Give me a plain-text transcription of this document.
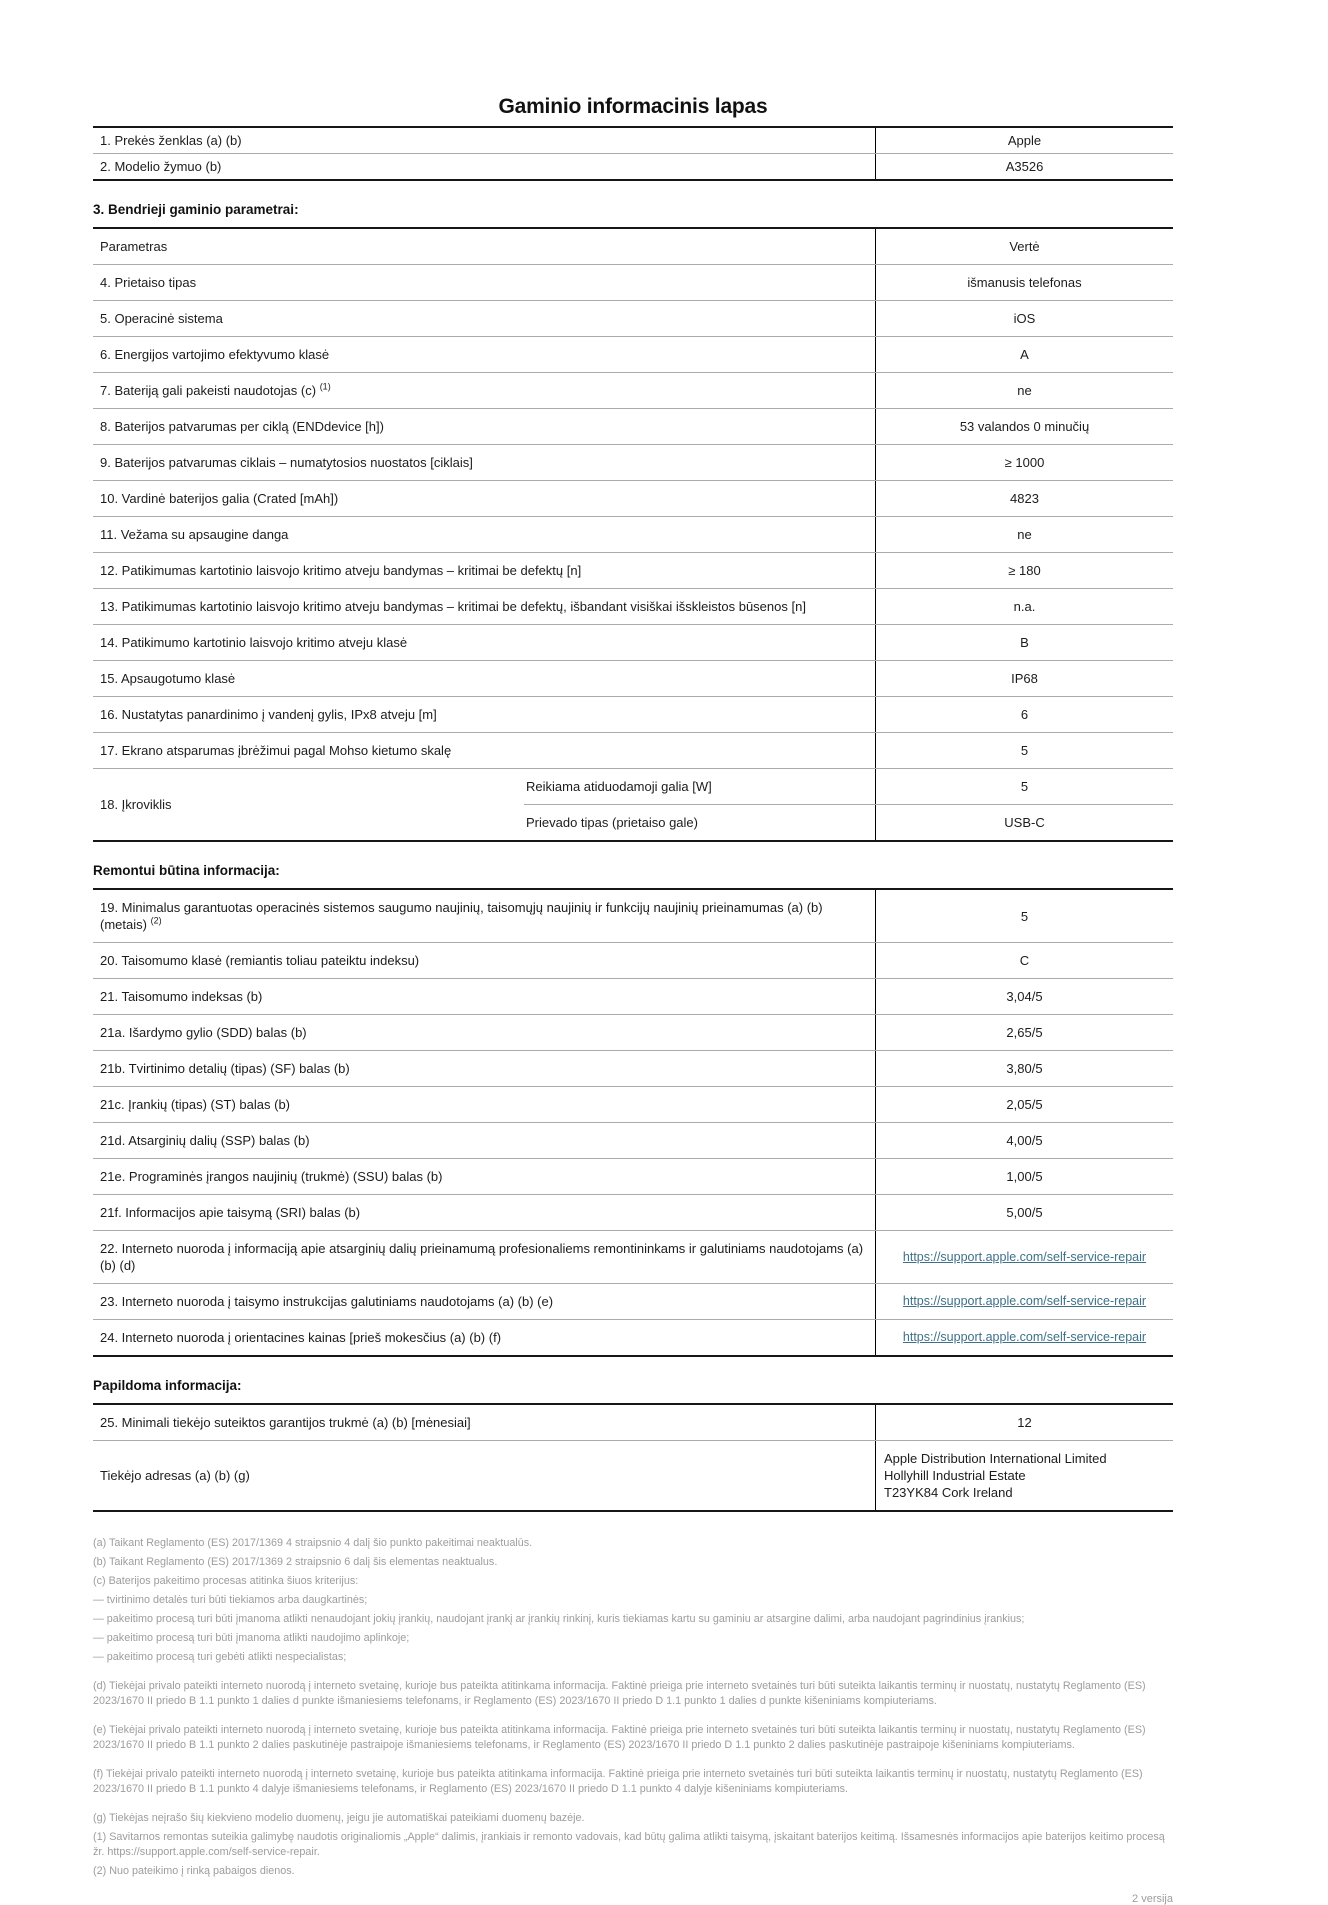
Gaminio informacinis lapas
1. Prekės ženklas (a) (b)	Apple
2. Modelio žymuo (b)	A3526
3. Bendrieji gaminio parametrai:
Parametras	Vertė
4. Prietaiso tipas	išmanusis telefonas
5. Operacinė sistema	iOS
6. Energijos vartojimo efektyvumo klasė	A
7. Bateriją gali pakeisti naudotojas (c) $^{(1)}$	ne
8. Baterijos patvarumas per ciklą (ENDdevice [h])	53 valandos 0 minučių
9. Baterijos patvarumas ciklais – numatytosios nuostatos [ciklais]	≥ 1000
10. Vardinė baterijos galia (Crated [mAh])	4823
11. Vežama su apsaugine danga	ne
12. Patikimumas kartotinio laisvojo kritimo atveju bandymas – kritimai be defektų [n]	≥ 180
13. Patikimumas kartotinio laisvojo kritimo atveju bandymas – kritimai be defektų, išbandant visiškai išskleistos būsenos [n]	n.a.
14. Patikimumo kartotinio laisvojo kritimo atveju klasė	B
15. Apsaugotumo klasė	IP68
16. Nustatytas panardinimo į vandenį gylis, IPx8 atveju [m]	6
17. Ekrano atsparumas įbrėžimui pagal Mohso kietumo skalę	5
18. Įkroviklis
Reikiama atiduodamoji galia [W]	5
Prievado tipas (prietaiso gale)	USB-C
Remontui būtina informacija:
19. Minimalus garantuotas operacinės sistemos saugumo naujinių, taisomųjų naujinių ir funkcijų naujinių prieinamumas (a) (b) (metais) $^{(2)}$	5
20. Taisomumo klasė (remiantis toliau pateiktu indeksu)	C
21. Taisomumo indeksas (b)	3,04/5
21a. Išardymo gylio (SDD) balas (b)	2,65/5
21b. Tvirtinimo detalių (tipas) (SF) balas (b)	3,80/5
21c. Įrankių (tipas) (ST) balas (b)	2,05/5
21d. Atsarginių dalių (SSP) balas (b)	4,00/5
21e. Programinės įrangos naujinių (trukmė) (SSU) balas (b)	1,00/5
21f. Informacijos apie taisymą (SRI) balas (b)	5,00/5
22. Interneto nuoroda į informaciją apie atsarginių dalių prieinamumą profesionaliems remontininkams ir galutiniams naudotojams (a) (b) (d)
https://support.apple.com/self-service-repair
23. Interneto nuoroda į taisymo instrukcijas galutiniams naudotojams (a) (b) (e)	https://support.apple.com/self-service-repair
24. Interneto nuoroda į orientacines kainas [prieš mokesčius (a) (b) (f)	https://support.apple.com/self-service-repair
Papildoma informacija:
25. Minimali tiekėjo suteiktos garantijos trukmė (a) (b) [mėnesiai]	12
Tiekėjo adresas (a) (b) (g)
Apple Distribution International Limited
Hollyhill Industrial Estate
T23YK84 Cork Ireland
(a) Taikant Reglamento (ES) 2017/1369 4 straipsnio 4 dalį šio punkto pakeitimai neaktualūs.
(b) Taikant Reglamento (ES) 2017/1369 2 straipsnio 6 dalį šis elementas neaktualus.
(c) Baterijos pakeitimo procesas atitinka šiuos kriterijus:
— tvirtinimo detalės turi būti tiekiamos arba daugkartinės;
— pakeitimo procesą turi būti įmanoma atlikti nenaudojant jokių įrankių, naudojant įrankį ar įrankių rinkinį, kuris tiekiamas kartu su gaminiu ar atsargine dalimi, arba naudojant pagrindinius įrankius;
— pakeitimo procesą turi būti įmanoma atlikti naudojimo aplinkoje;
— pakeitimo procesą turi gebėti atlikti nespecialistas;
(d) Tiekėjai privalo pateikti interneto nuorodą į interneto svetainę, kurioje bus pateikta atitinkama informacija. Faktinė prieiga prie interneto svetainės turi būti suteikta laikantis terminų ir nuostatų, nustatytų Reglamento (ES) 2023/1670 II priedo B 1.1 punkto 1 dalies d punkte išmaniesiems telefonams, ir Reglamento (ES) 2023/1670 II priedo D 1.1 punkto 1 dalies d punkte kišeniniams kompiuteriams.
(e) Tiekėjai privalo pateikti interneto nuorodą į interneto svetainę, kurioje bus pateikta atitinkama informacija. Faktinė prieiga prie interneto svetainės turi būti suteikta laikantis terminų ir nuostatų, nustatytų Reglamento (ES) 2023/1670 II priedo B 1.1 punkto 2 dalies paskutinėje pastraipoje išmaniesiems telefonams, ir Reglamento (ES) 2023/1670 II priedo D 1.1 punkto 2 dalies paskutinėje pastraipoje kišeniniams kompiuteriams.
(f) Tiekėjai privalo pateikti interneto nuorodą į interneto svetainę, kurioje bus pateikta atitinkama informacija. Faktinė prieiga prie interneto svetainės turi būti suteikta laikantis terminų ir nuostatų, nustatytų Reglamento (ES) 2023/1670 II priedo B 1.1 punkto 4 dalyje išmaniesiems telefonams, ir Reglamento (ES) 2023/1670 II priedo D 1.1 punkto 4 dalyje kišeniniams kompiuteriams.
(g) Tiekėjas neįrašo šių kiekvieno modelio duomenų, jeigu jie automatiškai pateikiami duomenų bazėje.
(1) Savitarnos remontas suteikia galimybę naudotis originaliomis „Apple“ dalimis, įrankiais ir remonto vadovais, kad būtų galima atlikti taisymą, įskaitant baterijos keitimą. Išsamesnės informacijos apie baterijos keitimo procesą žr. https://support.apple.com/self-service-repair.
(2) Nuo pateikimo į rinką pabaigos dienos.
2 versija
